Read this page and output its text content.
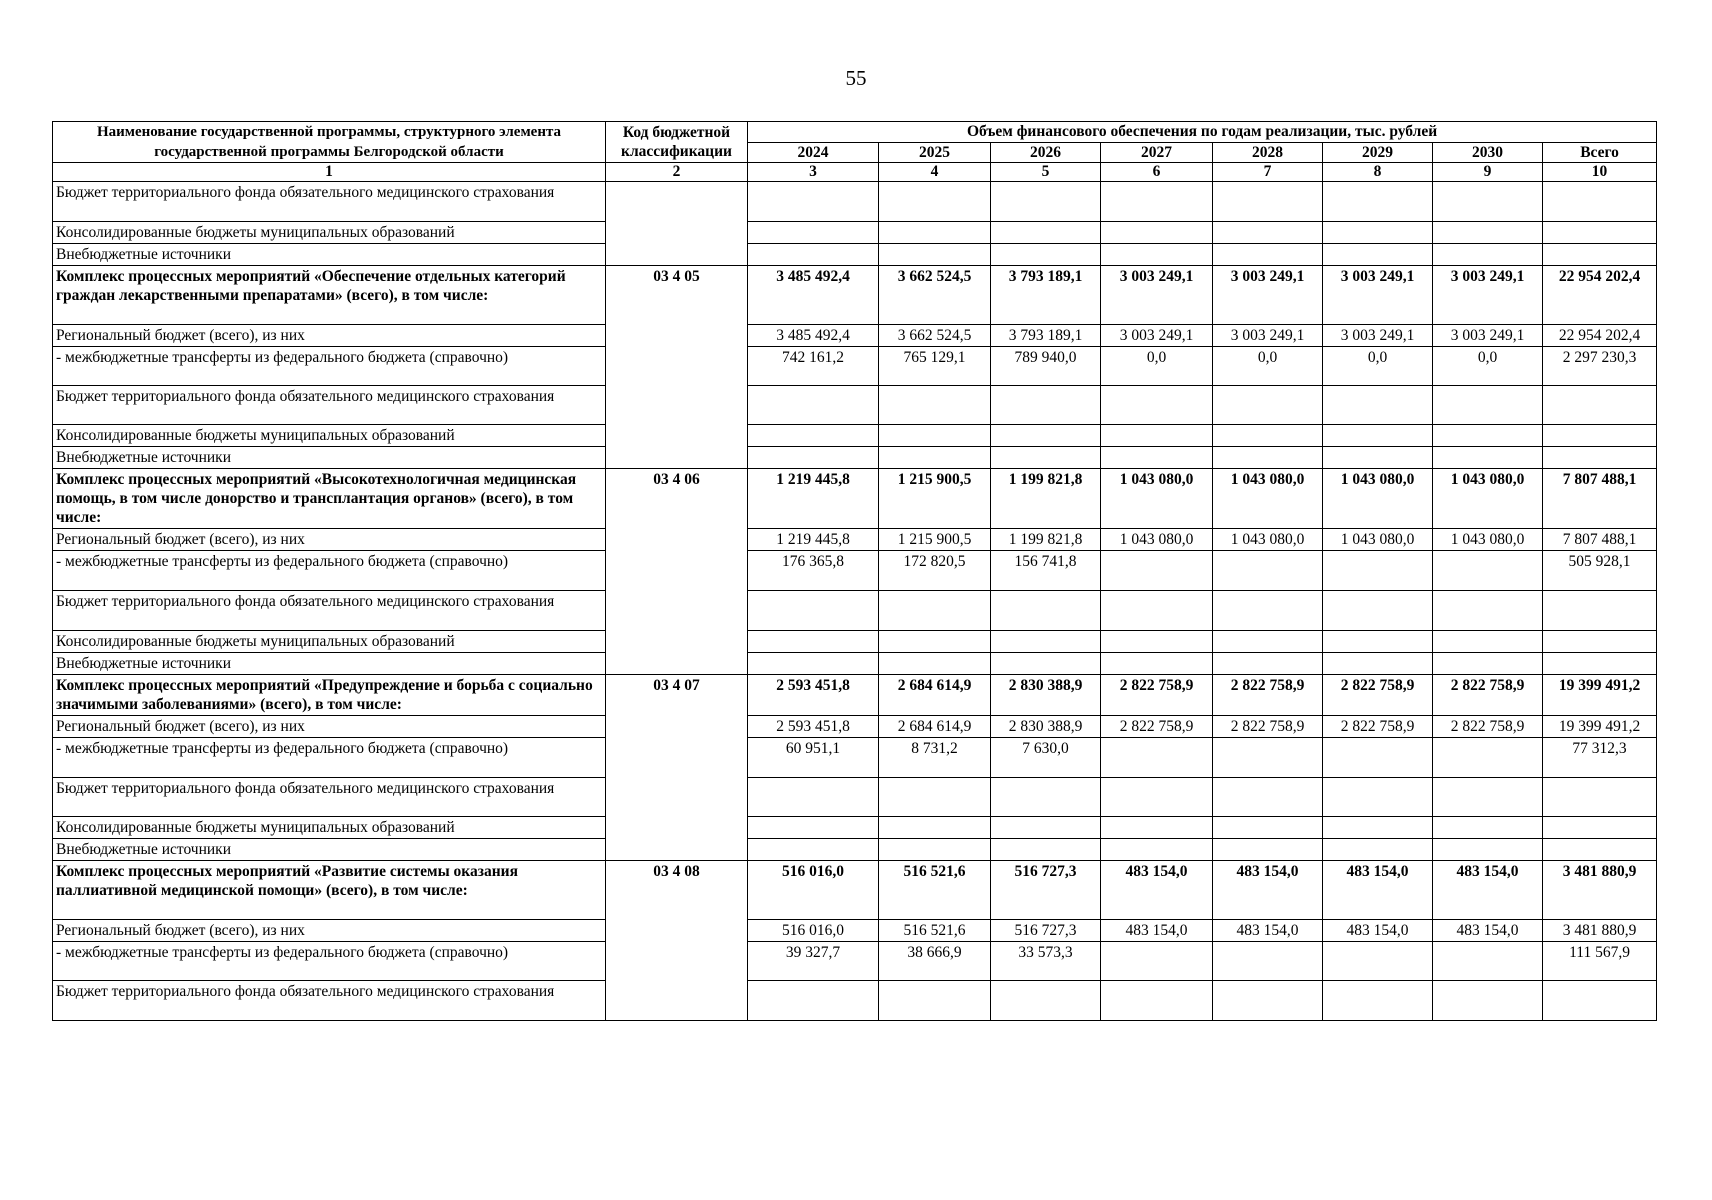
55
Наименование государственной программы, структурного элемента государственной программы Белгородской области	Код бюджетной классификации	Объем финансового обеспечения по годам реализации, тыс. рублей							
		2024	2025	2026	2027	2028	2029	2030	Всего
1	2	3	4	5	6	7	8	9	10
Бюджет территориального фонда обязательного медицинского страхования									
Консолидированные бюджеты муниципальных образований									
Внебюджетные источники									
Комплекс процессных мероприятий «Обеспечение отдельных категорий граждан лекарственными препаратами» (всего), в том числе:	03 4 05	3 485 492,4	3 662 524,5	3 793 189,1	3 003 249,1	3 003 249,1	3 003 249,1	3 003 249,1	22 954 202,4
Региональный бюджет (всего), из них		3 485 492,4	3 662 524,5	3 793 189,1	3 003 249,1	3 003 249,1	3 003 249,1	3 003 249,1	22 954 202,4
- межбюджетные трансферты из федерального бюджета (справочно)		742 161,2	765 129,1	789 940,0	0,0	0,0	0,0	0,0	2 297 230,3
Бюджет территориального фонда обязательного медицинского страхования									
Консолидированные бюджеты муниципальных образований									
Внебюджетные источники									
Комплекс процессных мероприятий «Высокотехнологичная медицинская помощь, в том числе донорство и трансплантация органов» (всего), в том числе:	03 4 06	1 219 445,8	1 215 900,5	1 199 821,8	1 043 080,0	1 043 080,0	1 043 080,0	1 043 080,0	7 807 488,1
Региональный бюджет (всего), из них		1 219 445,8	1 215 900,5	1 199 821,8	1 043 080,0	1 043 080,0	1 043 080,0	1 043 080,0	7 807 488,1
- межбюджетные трансферты из федерального бюджета (справочно)		176 365,8	172 820,5	156 741,8					505 928,1
Бюджет территориального фонда обязательного медицинского страхования									
Консолидированные бюджеты муниципальных образований									
Внебюджетные источники									
Комплекс процессных мероприятий «Предупреждение и борьба с социально значимыми заболеваниями» (всего), в том числе:	03 4 07	2 593 451,8	2 684 614,9	2 830 388,9	2 822 758,9	2 822 758,9	2 822 758,9	2 822 758,9	19 399 491,2
Региональный бюджет (всего), из них		2 593 451,8	2 684 614,9	2 830 388,9	2 822 758,9	2 822 758,9	2 822 758,9	2 822 758,9	19 399 491,2
- межбюджетные трансферты из федерального бюджета (справочно)		60 951,1	8 731,2	7 630,0					77 312,3
Бюджет территориального фонда обязательного медицинского страхования									
Консолидированные бюджеты муниципальных образований									
Внебюджетные источники									
Комплекс процессных мероприятий «Развитие системы оказания паллиативной медицинской помощи» (всего), в том числе:	03 4 08	516 016,0	516 521,6	516 727,3	483 154,0	483 154,0	483 154,0	483 154,0	3 481 880,9
Региональный бюджет (всего), из них		516 016,0	516 521,6	516 727,3	483 154,0	483 154,0	483 154,0	483 154,0	3 481 880,9
- межбюджетные трансферты из федерального бюджета (справочно)		39 327,7	38 666,9	33 573,3					111 567,9
Бюджет территориального фонда обязательного медицинского страхования									
